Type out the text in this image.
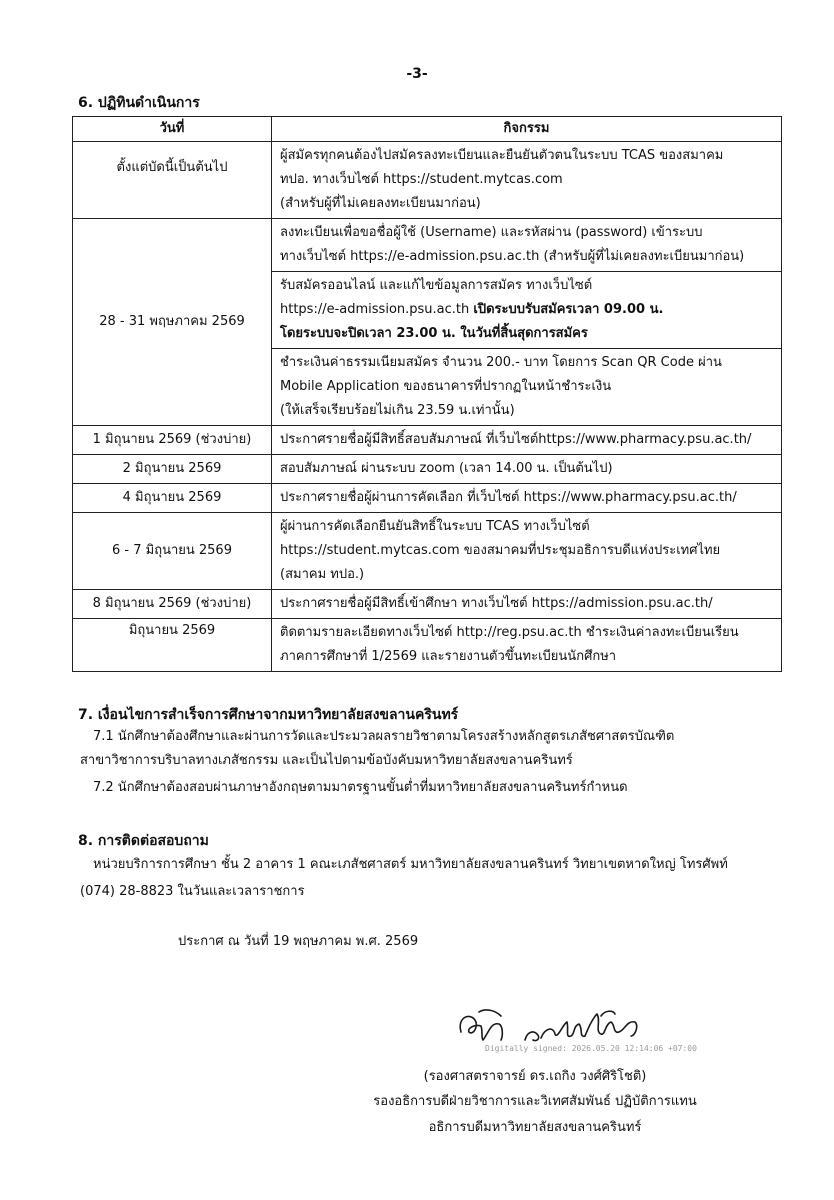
-3-
6. ปฏิทินดำเนินการ
วันที่	กิจกรรม
ตั้งแต่บัดนี้เป็นต้นไป	ผู้สมัครทุกคนต้องไปสมัครลงทะเบียนและยืนยันตัวตนในระบบ TCAS ของสมาคม
ทปอ. ทางเว็บไซต์ https://student.mytcas.com
(สำหรับผู้ที่ไม่เคยลงทะเบียนมาก่อน)

28 - 31 พฤษภาคม 2569	ลงทะเบียนเพื่อขอชื่อผู้ใช้ (Username) และรหัสผ่าน (password) เข้าระบบ
ทางเว็บไซต์ https://e-admission.psu.ac.th (สำหรับผู้ที่ไม่เคยลงทะเบียนมาก่อน)

	รับสมัครออนไลน์ และแก้ไขข้อมูลการสมัคร ทางเว็บไซต์
https://e-admission.psu.ac.th เปิดระบบรับสมัครเวลา 09.00 น.
โดยระบบจะปิดเวลา 23.00 น. ในวันที่สิ้นสุดการสมัคร

	ชำระเงินค่าธรรมเนียมสมัคร จำนวน 200.- บาท โดยการ Scan QR Code ผ่าน
Mobile Application ของธนาคารที่ปรากฏในหน้าชำระเงิน
(ให้เสร็จเรียบร้อยไม่เกิน 23.59 น.เท่านั้น)

1 มิถุนายน 2569 (ช่วงบ่าย)	ประกาศรายชื่อผู้มีสิทธิ์สอบสัมภาษณ์ ที่เว็บไซต์https://www.pharmacy.psu.ac.th/

2 มิถุนายน 2569	สอบสัมภาษณ์ ผ่านระบบ zoom (เวลา 14.00 น. เป็นต้นไป)

4 มิถุนายน 2569	ประกาศรายชื่อผู้ผ่านการคัดเลือก ที่เว็บไซต์ https://www.pharmacy.psu.ac.th/

6 - 7 มิถุนายน 2569	ผู้ผ่านการคัดเลือกยืนยันสิทธิ์ในระบบ TCAS ทางเว็บไซต์
https://student.mytcas.com ของสมาคมที่ประชุมอธิการบดีแห่งประเทศไทย
(สมาคม ทปอ.)

8 มิถุนายน 2569 (ช่วงบ่าย)	ประกาศรายชื่อผู้มีสิทธิ์เข้าศึกษา ทางเว็บไซต์ https://admission.psu.ac.th/

มิถุนายน 2569	ติดตามรายละเอียดทางเว็บไซต์ http://reg.psu.ac.th ชำระเงินค่าลงทะเบียนเรียน
ภาคการศึกษาที่ 1/2569 และรายงานตัวขึ้นทะเบียนนักศึกษา
7. เงื่อนไขการสำเร็จการศึกษาจากมหาวิทยาลัยสงขลานครินทร์
7.1 นักศึกษาต้องศึกษาและผ่านการวัดและประมวลผลรายวิชาตามโครงสร้างหลักสูตรเภสัชศาสตรบัณฑิต
สาขาวิชาการบริบาลทางเภสัชกรรม และเป็นไปตามข้อบังคับมหาวิทยาลัยสงขลานครินทร์
7.2 นักศึกษาต้องสอบผ่านภาษาอังกฤษตามมาตรฐานขั้นต่ำที่มหาวิทยาลัยสงขลานครินทร์กำหนด
8. การติดต่อสอบถาม
หน่วยบริการการศึกษา ชั้น 2 อาคาร 1 คณะเภสัชศาสตร์ มหาวิทยาลัยสงขลานครินทร์ วิทยาเขตหาดใหญ่ โทรศัพท์
(074) 28-8823 ในวันและเวลาราชการ
ประกาศ ณ วันที่ 19 พฤษภาคม พ.ศ. 2569
Digitally signed: 2026.05.20 12:14:06 +07:00
(รองศาสตราจารย์ ดร.เถกิง วงศ์ศิริโชติ)
รองอธิการบดีฝ่ายวิชาการและวิเทศสัมพันธ์ ปฏิบัติการแทน
อธิการบดีมหาวิทยาลัยสงขลานครินทร์
